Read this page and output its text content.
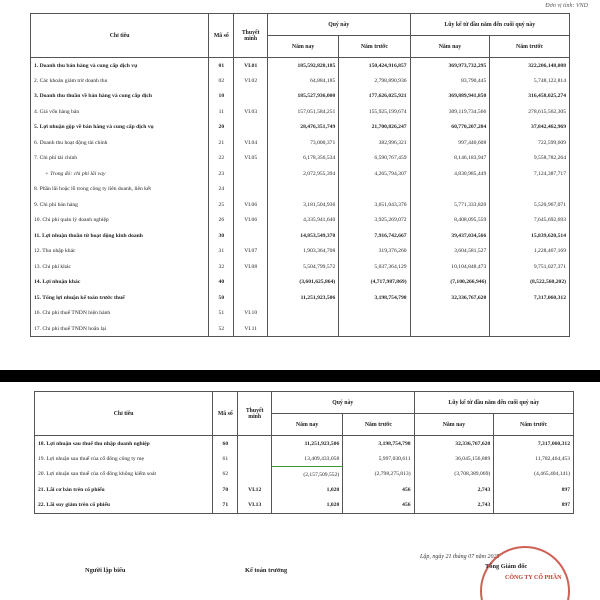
Đơn vị tính: VND
Chỉ tiêu	Mã số	Thuyết minh	Quý này		Lũy kế từ đầu năm đến cuối quý này	
			Năm nay	Năm trước	Năm nay	Năm trước
1. Doanh thu bán hàng và cung cấp dịch vụ	01	VI.01	185,592,820,185	150,424,916,857	369,973,732,295	322,206,148,088
2. Các khoản giảm trừ doanh thu	02	VI.02	64,884,185	2,798,890,936	83,790,445	5,748,122,814
3. Doanh thu thuần về bán hàng và cung cấp dịch	10		185,527,936,000	177,626,025,921	369,889,941,850	316,458,025,274
4. Giá vốn hàng bán	11	VI.03	157,051,584,251	155,925,199,674	309,119,734,566	278,615,562,305
5. Lợi nhuận gộp về bán hàng và cung cấp dịch vụ	20		28,476,351,749	21,700,826,247	60,770,207,284	37,842,462,969
6. Doanh thu hoạt động tài chính	21	VI.04	73,000,371	382,996,321	997,440,608	722,599,609
7. Chi phí tài chính	22	VI.05	6,178,356,534	6,590,767,459	8,146,183,947	9,558,782,264
+ Trong đó: chi phí lãi vay	23		2,072,955,394	4,265,794,307	4,830,985,449	7,124,387,717
8. Phần lãi hoặc lỗ trong công ty liên doanh, liên kết	24					
9. Chi phí bán hàng	25	VI.06	3,181,504,936	3,651,043,370	5,771,333,820	5,520,967,071
10. Chi phí quản lý doanh nghiệp	26	VI.06	4,335,941,640	3,925,269,072	8,408,095,559	7,645,692,693
11. Lợi nhuận thuần từ hoạt động kinh doanh	30		14,853,549,370	7,916,742,667	39,437,034,566	15,839,620,514
12. Thu nhập khác	31	VI.07	1,903,364,708	319,376,260	3,604,581,527	1,228,467,169
13. Chi phí khác	32	VI.08	5,504,799,572	5,037,364,129	10,104,848,473	9,751,027,371
14. Lợi nhuận khác	40		(3,601,625,864)	(4,717,987,869)	(7,100,266,946)	(8,522,560,202)
15. Tổng lợi nhuận kế toán trước thuế	50		11,251,923,506	3,198,754,798	32,336,767,620	7,317,060,312
16. Chi phí thuế TNDN hiện hành	51	VI.10				
17. Chi phí thuế TNDN hoãn lại	52	VI.11				
Chỉ tiêu	Mã số	Thuyết minh	Quý này		Lũy kế từ đầu năm đến cuối quý này	
			Năm nay	Năm trước	Năm nay	Năm trước
18. Lợi nhuận sau thuế thu nhập doanh nghiệp	60		11,251,923,506	3,198,754,798	32,336,767,620	7,317,060,312
19. Lợi nhuận sau thuế của cổ đông công ty mẹ	61		13,409,433,058	5,997,030,611	36,045,156,889	11,782,464,453
20. Lợi nhuận sau thuế của cổ đông không kiểm soát	62		(2,157,509,552)	(2,798,275,813)	(3,708,389,069)	(4,465,404,141)
21. Lãi cơ bản trên cổ phiếu	70	VI.12	1,020	456	2,743	897
22. Lãi suy giảm trên cổ phiếu	71	VI.13	1,020	456	2,743	897
Lập, ngày 21 tháng 07 năm 2025
CÔNG TY CỔ PHẦN
Người lập biểu	Kế toán trưởng
Tổng Giám đốc
